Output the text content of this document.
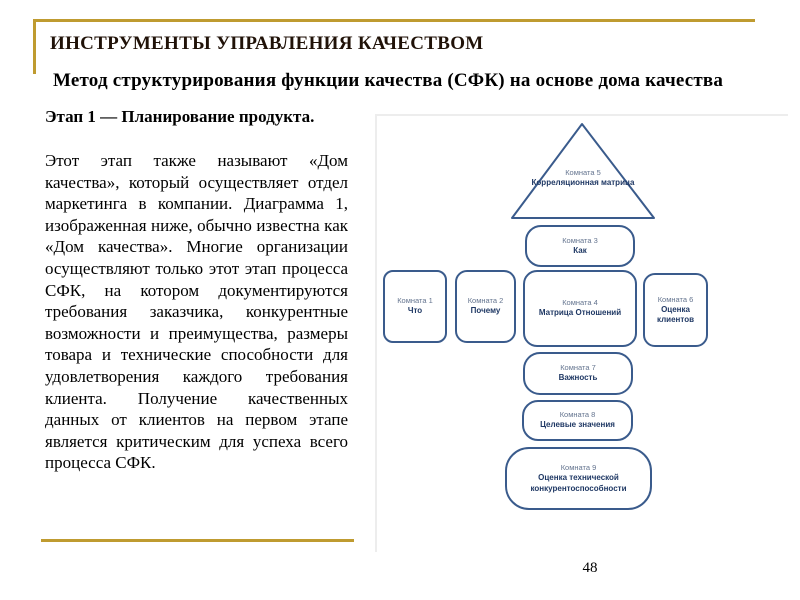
ИНСТРУМЕНТЫ УПРАВЛЕНИЯ КАЧЕСТВОМ
Метод структурирования функции качества (СФК) на основе дома качества

Этап 1 — Планирование продукта.

Этот этап также называют «Дом качества», который осуществляет отдел маркетинга в компании. Диаграмма 1, изображенная ниже, обычно известна как «Дом качества». Многие организации осуществляют только этот этап процесса СФК, на котором документируются требования заказчика, конкурентные возможности и преимущества, размеры товара и технические способности для удовлетворения каждого требования клиента. Получение качественных данных от клиентов на первом этапе является критическим для успеха всего процесса СФК.

48
Комната 5
Корреляционная матрица
Комната 3
Как
Комната 1
Что
Комната 2
Почему
Комната 4
Матрица Отношений
Комната 6
Оценка клиентов
Комната 7
Важность
Комната 8
Целевые значения
Комната 9
Оценка технической конкурентоспособности
